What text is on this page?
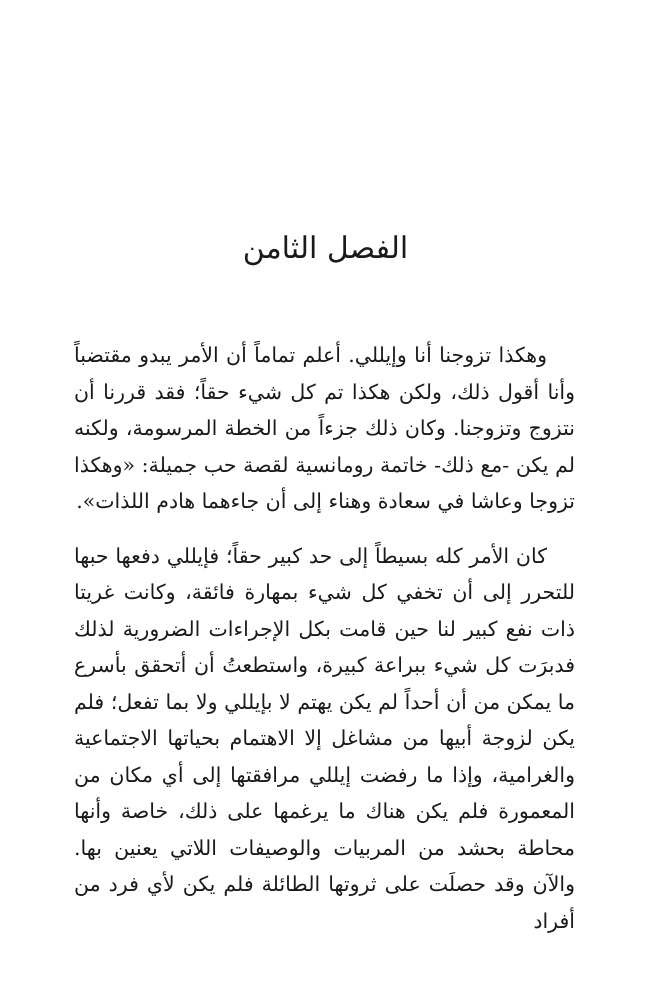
الفصل الثامن

وهكذا تزوجنا أنا وإيللي. أعلم تماماً أن الأمر يبدو مقتضباً وأنا أقول ذلك، ولكن هكذا تم كل شيء حقاً؛ فقد قررنا أن نتزوج وتزوجنا. وكان ذلك جزءاً من الخطة المرسومة، ولكنه لم يكن -مع ذلك- خاتمة رومانسية لقصة حب جميلة: «وهكذا تزوجا وعاشا في سعادة وهناء إلى أن جاءهما هادم اللذات».

كان الأمر كله بسيطاً إلى حد كبير حقاً؛ فإيللي دفعها حبها للتحرر إلى أن تخفي كل شيء بمهارة فائقة، وكانت غريتا ذات نفع كبير لنا حين قامت بكل الإجراءات الضرورية لذلك فدبرَت كل شيء ببراعة كبيرة، واستطعتُ أن أتحقق بأسرع ما يمكن من أن أحداً لم يكن يهتم لا بإيللي ولا بما تفعل؛ فلم يكن لزوجة أبيها من مشاغل إلا الاهتمام بحياتها الاجتماعية والغرامية، وإذا ما رفضت إيللي مرافقتها إلى أي مكان من المعمورة فلم يكن هناك ما يرغمها على ذلك، خاصة وأنها محاطة بحشد من المربيات والوصيفات اللاتي يعنين بها. والآن وقد حصلَت على ثروتها الطائلة فلم يكن لأي فرد من أفراد
